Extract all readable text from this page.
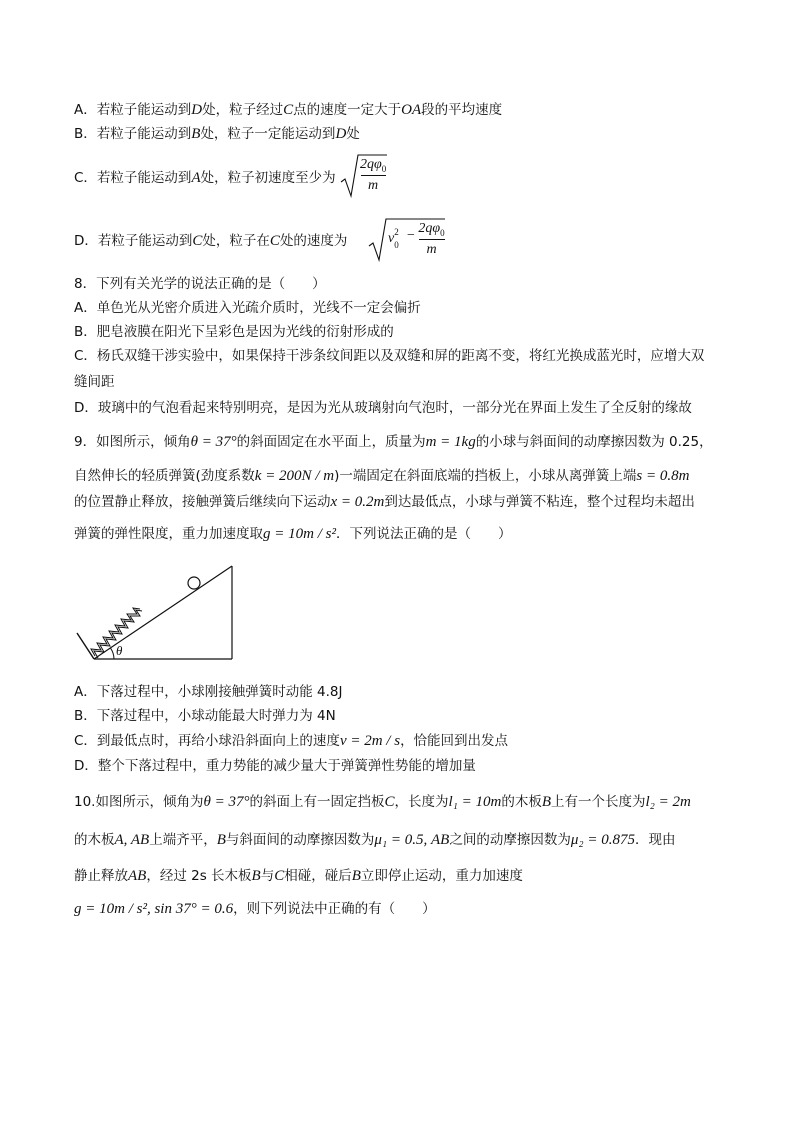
A．若粒子能运动到D处，粒子经过C点的速度一定大于OA段的平均速度
B．若粒子能运动到B处，粒子一定能运动到D处
C．若粒子能运动到A处，粒子初速度至少为
$2q\varphi_0$
m
D．若粒子能运动到C处，粒子在C处的速度为	v 2
0
− $2q\varphi_0$
m
8．下列有关光学的说法正确的是（　　）
A．单色光从光密介质进入光疏介质时，光线不一定会偏折
B．肥皂液膜在阳光下呈彩色是因为光线的衍射形成的
C．杨氏双缝干涉实验中，如果保持干涉条纹间距以及双缝和屏的距离不变，将红光换成蓝光时，应增大双
缝间距
D．玻璃中的气泡看起来特别明亮，是因为光从玻璃射向气泡时，一部分光在界面上发生了全反射的缘故
9．如图所示，倾角θ = 37°的斜面固定在水平面上，质量为m = 1kg的小球与斜面间的动摩擦因数为 0.25，
自然伸长的轻质弹簧(劲度系数k = 200N / m)一端固定在斜面底端的挡板上，小球从离弹簧上端s = 0.8m
的位置静止释放，接触弹簧后继续向下运动x = 0.2m到达最低点，小球与弹簧不粘连，整个过程均未超出
弹簧的弹性限度，重力加速度取g = 10m / s²．下列说法正确的是（　　）
θ
A．下落过程中，小球刚接触弹簧时动能 4.8J
B．下落过程中，小球动能最大时弹力为 4N
C．到最低点时，再给小球沿斜面向上的速度v = 2m / s，恰能回到出发点
D．整个下落过程中，重力势能的减少量大于弹簧弹性势能的增加量
10.如图所示，倾角为θ = 37°的斜面上有一固定挡板C，长度为l₁ = 10m的木板B上有一个长度为l₂ = 2m
的木板A, AB上端齐平，B与斜面间的动摩擦因数为μ₁ = 0.5, AB之间的动摩擦因数为μ₂ = 0.875．现由
静止释放AB，经过 2s 长木板B与C相碰，碰后B立即停止运动，重力加速度
g = 10m / s², sin 37° = 0.6，则下列说法中正确的有（　　）
